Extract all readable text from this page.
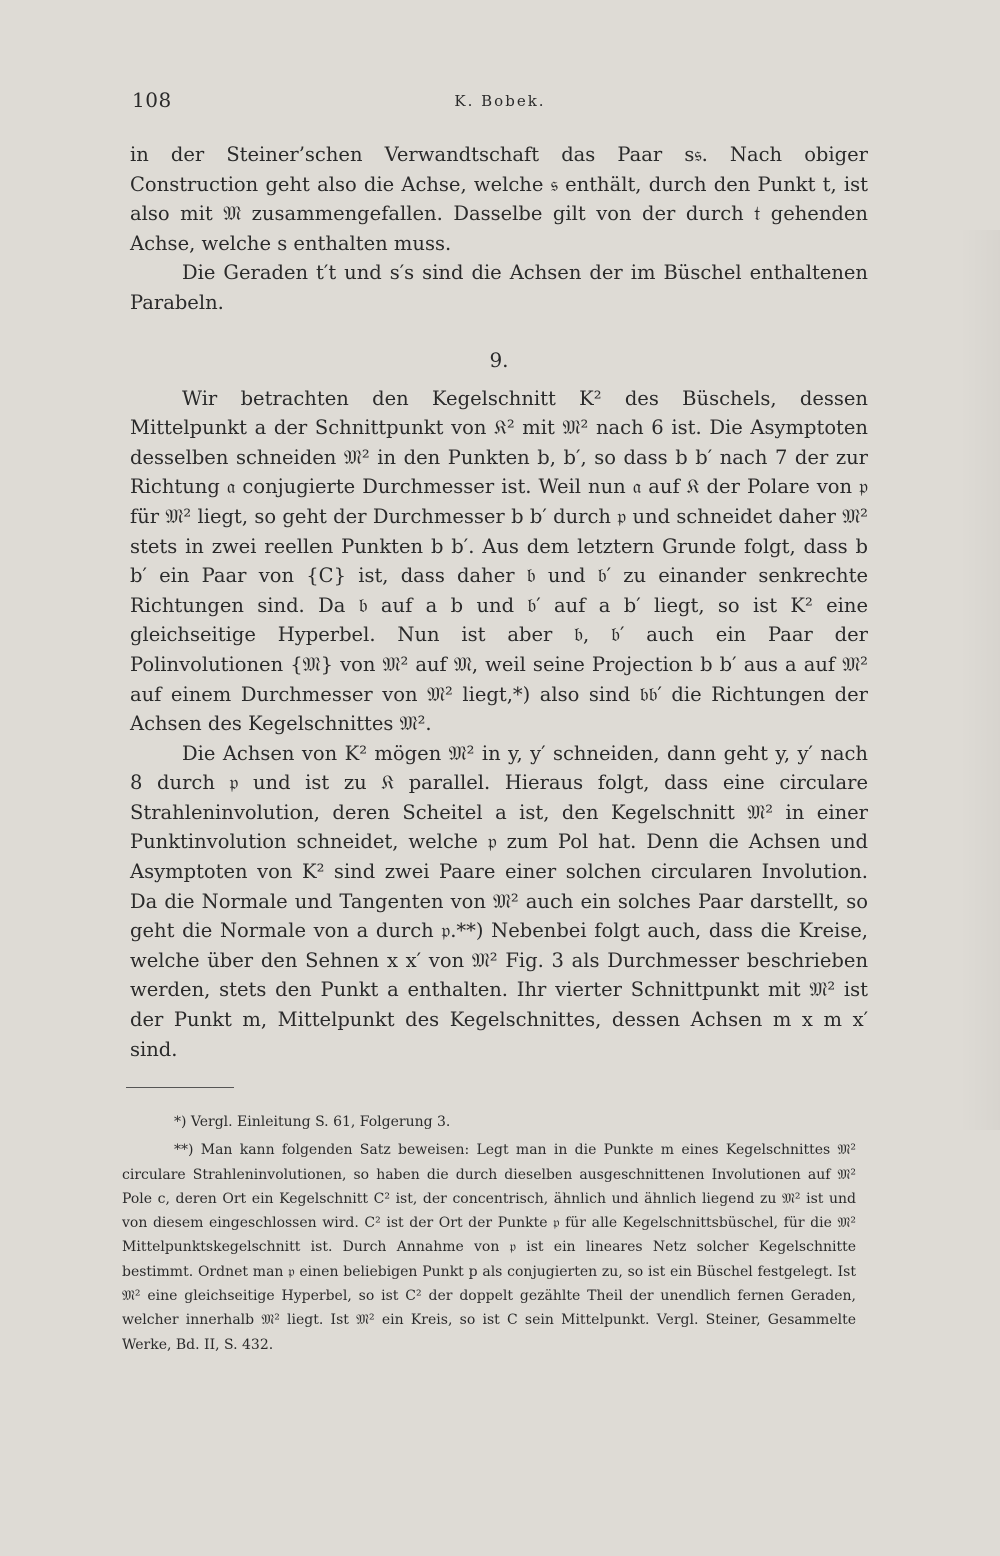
108	K. Bobek.

in der Steiner’schen Verwandtschaft das Paar s𝔰. Nach obiger Construction geht also die Achse, welche 𝔰 enthält, durch den Punkt t, ist also mit 𝔐 zusammengefallen. Dasselbe gilt von der durch 𝔱 gehenden Achse, welche s enthalten muss.

Die Geraden t′t und s′s sind die Achsen der im Büschel enthaltenen Parabeln.

9.

Wir betrachten den Kegelschnitt K² des Büschels, dessen Mittelpunkt a der Schnittpunkt von 𝔎² mit 𝔐² nach 6 ist. Die Asymptoten desselben schneiden 𝔐² in den Punkten b, b′, so dass b b′ nach 7 der zur Richtung 𝔞 conjugierte Durchmesser ist. Weil nun 𝔞 auf 𝔎 der Polare von 𝔭 für 𝔐² liegt, so geht der Durchmesser b b′ durch 𝔭 und schneidet daher 𝔐² stets in zwei reellen Punkten b b′. Aus dem letztern Grunde folgt, dass b b′ ein Paar von {C} ist, dass daher 𝔟 und 𝔟′ zu einander senkrechte Richtungen sind. Da 𝔟 auf a b und 𝔟′ auf a b′ liegt, so ist K² eine gleichseitige Hyperbel. Nun ist aber 𝔟, 𝔟′ auch ein Paar der Polinvolutionen {𝔐} von 𝔐² auf 𝔐, weil seine Projection b b′ aus a auf 𝔐² auf einem Durchmesser von 𝔐² liegt,*) also sind 𝔟𝔟′ die Richtungen der Achsen des Kegelschnittes 𝔐².

Die Achsen von K² mögen 𝔐² in y, y′ schneiden, dann geht y, y′ nach 8 durch 𝔭 und ist zu 𝔎 parallel. Hieraus folgt, dass eine circulare Strahleninvolution, deren Scheitel a ist, den Kegelschnitt 𝔐² in einer Punktinvolution schneidet, welche 𝔭 zum Pol hat. Denn die Achsen und Asymptoten von K² sind zwei Paare einer solchen circularen Involution. Da die Normale und Tangenten von 𝔐² auch ein solches Paar darstellt, so geht die Normale von a durch 𝔭.**) Nebenbei folgt auch, dass die Kreise, welche über den Sehnen x x′ von 𝔐² Fig. 3 als Durchmesser beschrieben werden, stets den Punkt a enthalten. Ihr vierter Schnittpunkt mit 𝔐² ist der Punkt m, Mittelpunkt des Kegelschnittes, dessen Achsen m x m x′ sind.

*) Vergl. Einleitung S. 61, Folgerung 3.

**) Man kann folgenden Satz beweisen: Legt man in die Punkte m eines Kegelschnittes 𝔐² circulare Strahleninvolutionen, so haben die durch dieselben ausgeschnittenen Involutionen auf 𝔐² Pole c, deren Ort ein Kegelschnitt C² ist, der concentrisch, ähnlich und ähnlich liegend zu 𝔐² ist und von diesem eingeschlossen wird. C² ist der Ort der Punkte 𝔭 für alle Kegelschnittsbüschel, für die 𝔐² Mittelpunktskegelschnitt ist. Durch Annahme von 𝔭 ist ein lineares Netz solcher Kegelschnitte bestimmt. Ordnet man 𝔭 einen beliebigen Punkt p als conjugierten zu, so ist ein Büschel festgelegt. Ist 𝔐² eine gleichseitige Hyperbel, so ist C² der doppelt gezählte Theil der unendlich fernen Geraden, welcher innerhalb 𝔐² liegt. Ist 𝔐² ein Kreis, so ist C sein Mittelpunkt. Vergl. Steiner, Gesammelte Werke, Bd. II, S. 432.
